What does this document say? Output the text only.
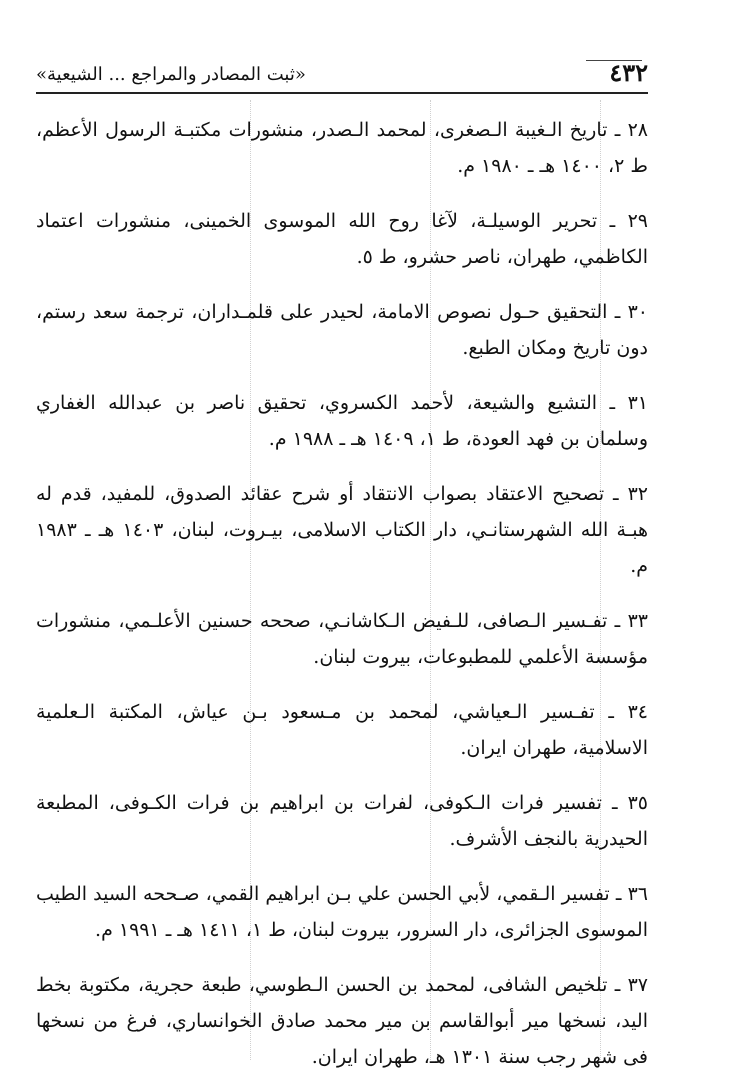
٤٣٢
«ثبت المصادر والمراجع ... الشيعية»

٢٨ ـ تاريخ الـغيبة الـصغرى، لمحمد الـصدر، منشورات مكتبـة الرسول الأعظم، ط ٢، ١٤٠٠ هـ ـ ١٩٨٠ م.

٢٩ ـ تحرير الوسيلـة، لآغا روح الله الموسوى الخمينى، منشورات اعتماد الكاظمي، طهران، ناصر حشرو، ط ٥.

٣٠ ـ التحقيق حـول نصوص الامامة، لحيدر على قلمـداران، ترجمة سعد رستم، دون تاريخ ومكان الطبع.

٣١ ـ التشيع والشيعة، لأحمد الكسروي، تحقيق ناصر بن عبدالله الغفاري وسلمان بن فهد العودة، ط ١، ١٤٠٩ هـ ـ ١٩٨٨ م.

٣٢ ـ تصحيح الاعتقاد بصواب الانتقاد أو شرح عقائد الصدوق، للمفيد، قدم له هبـة الله الشهرستانـي، دار الكتاب الاسلامى، بيـروت، لبنان، ١٤٠٣ هـ ـ ١٩٨٣ م.

٣٣ ـ تفـسير الـصافى، للـفيض الـكاشانـي، صححه حسنين الأعلـمي، منشورات مؤسسة الأعلمي للمطبوعات، بيروت لبنان.

٣٤ ـ تفـسير الـعياشي، لمحمد بن مـسعود بـن عياش، المكتبة الـعلمية الاسلامية، طهران ايران.

٣٥ ـ تفسير فرات الـكوفى، لفرات بن ابراهيم بن فرات الكـوفى، المطبعة الحيدرية بالنجف الأشرف.

٣٦ ـ تفسير الـقمي، لأبي الحسن علي بـن ابراهيم القمي، صـححه السيد الطيب الموسوى الجزائرى، دار السرور، بيروت لبنان، ط ١، ١٤١١ هـ ـ ١٩٩١ م.

٣٧ ـ تلخيص الشافى، لمحمد بن الحسن الـطوسي، طبعة حجرية، مكتوبة بخط اليد، نسخها مير أبوالقاسم بن مير محمد صادق الخوانساري، فرغ من نسخها فى شهر رجب سنة ١٣٠١ هـ، طهران ايران.
